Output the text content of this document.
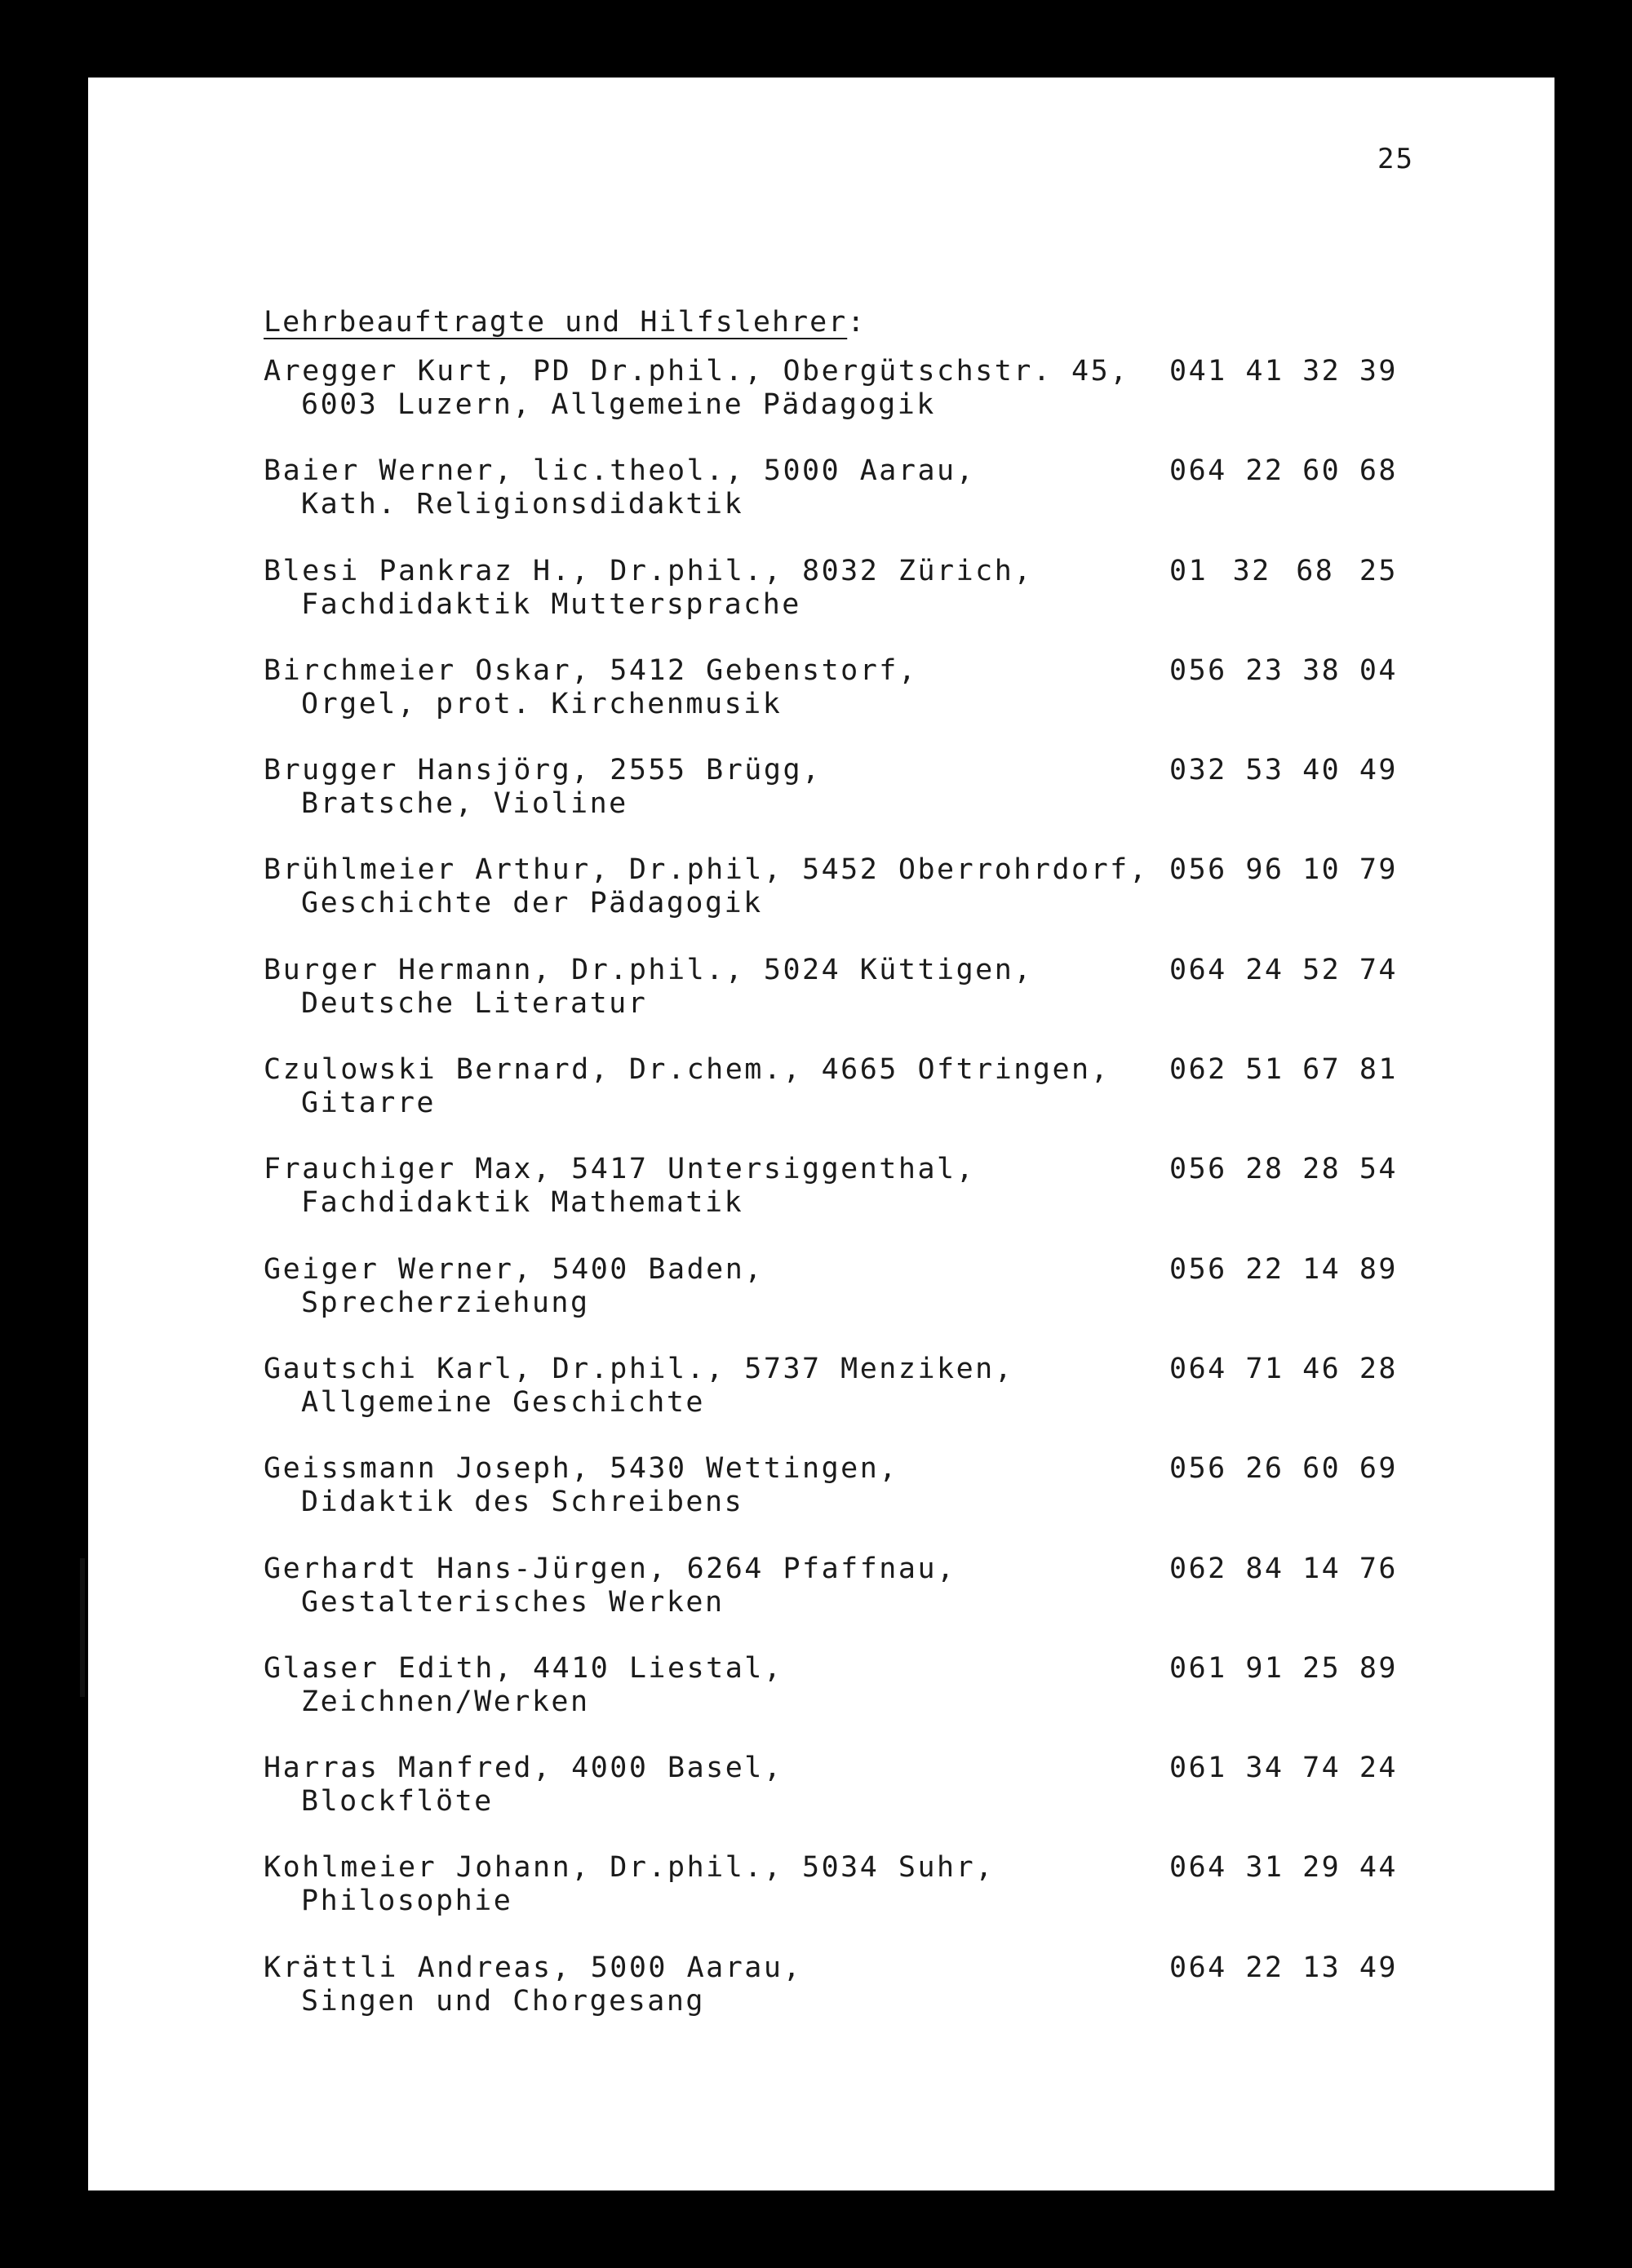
25
Lehrbeauftragte und Hilfslehrer:
Aregger Kurt, PD Dr.phil., Obergütschstr. 45,
6003 Luzern, Allgemeine Pädagogik
041 41 32 39
Baier Werner, lic.theol., 5000 Aarau,
Kath. Religionsdidaktik
064 22 60 68
Blesi Pankraz H., Dr.phil., 8032 Zürich,
Fachdidaktik Muttersprache
01 32 68 25
Birchmeier Oskar, 5412 Gebenstorf,
Orgel, prot. Kirchenmusik
056 23 38 04
Brugger Hansjörg, 2555 Brügg,
Bratsche, Violine
032 53 40 49
Brühlmeier Arthur, Dr.phil, 5452 Oberrohrdorf,
Geschichte der Pädagogik
056 96 10 79
Burger Hermann, Dr.phil., 5024 Küttigen,
Deutsche Literatur
064 24 52 74
Czulowski Bernard, Dr.chem., 4665 Oftringen,
Gitarre
062 51 67 81
Frauchiger Max, 5417 Untersiggenthal,
Fachdidaktik Mathematik
056 28 28 54
Geiger Werner, 5400 Baden,
Sprecherziehung
056 22 14 89
Gautschi Karl, Dr.phil., 5737 Menziken,
Allgemeine Geschichte
064 71 46 28
Geissmann Joseph, 5430 Wettingen,
Didaktik des Schreibens
056 26 60 69
Gerhardt Hans-Jürgen, 6264 Pfaffnau,
Gestalterisches Werken
062 84 14 76
Glaser Edith, 4410 Liestal,
Zeichnen/Werken
061 91 25 89
Harras Manfred, 4000 Basel,
Blockflöte
061 34 74 24
Kohlmeier Johann, Dr.phil., 5034 Suhr,
Philosophie
064 31 29 44
Krättli Andreas, 5000 Aarau,
Singen und Chorgesang
064 22 13 49
